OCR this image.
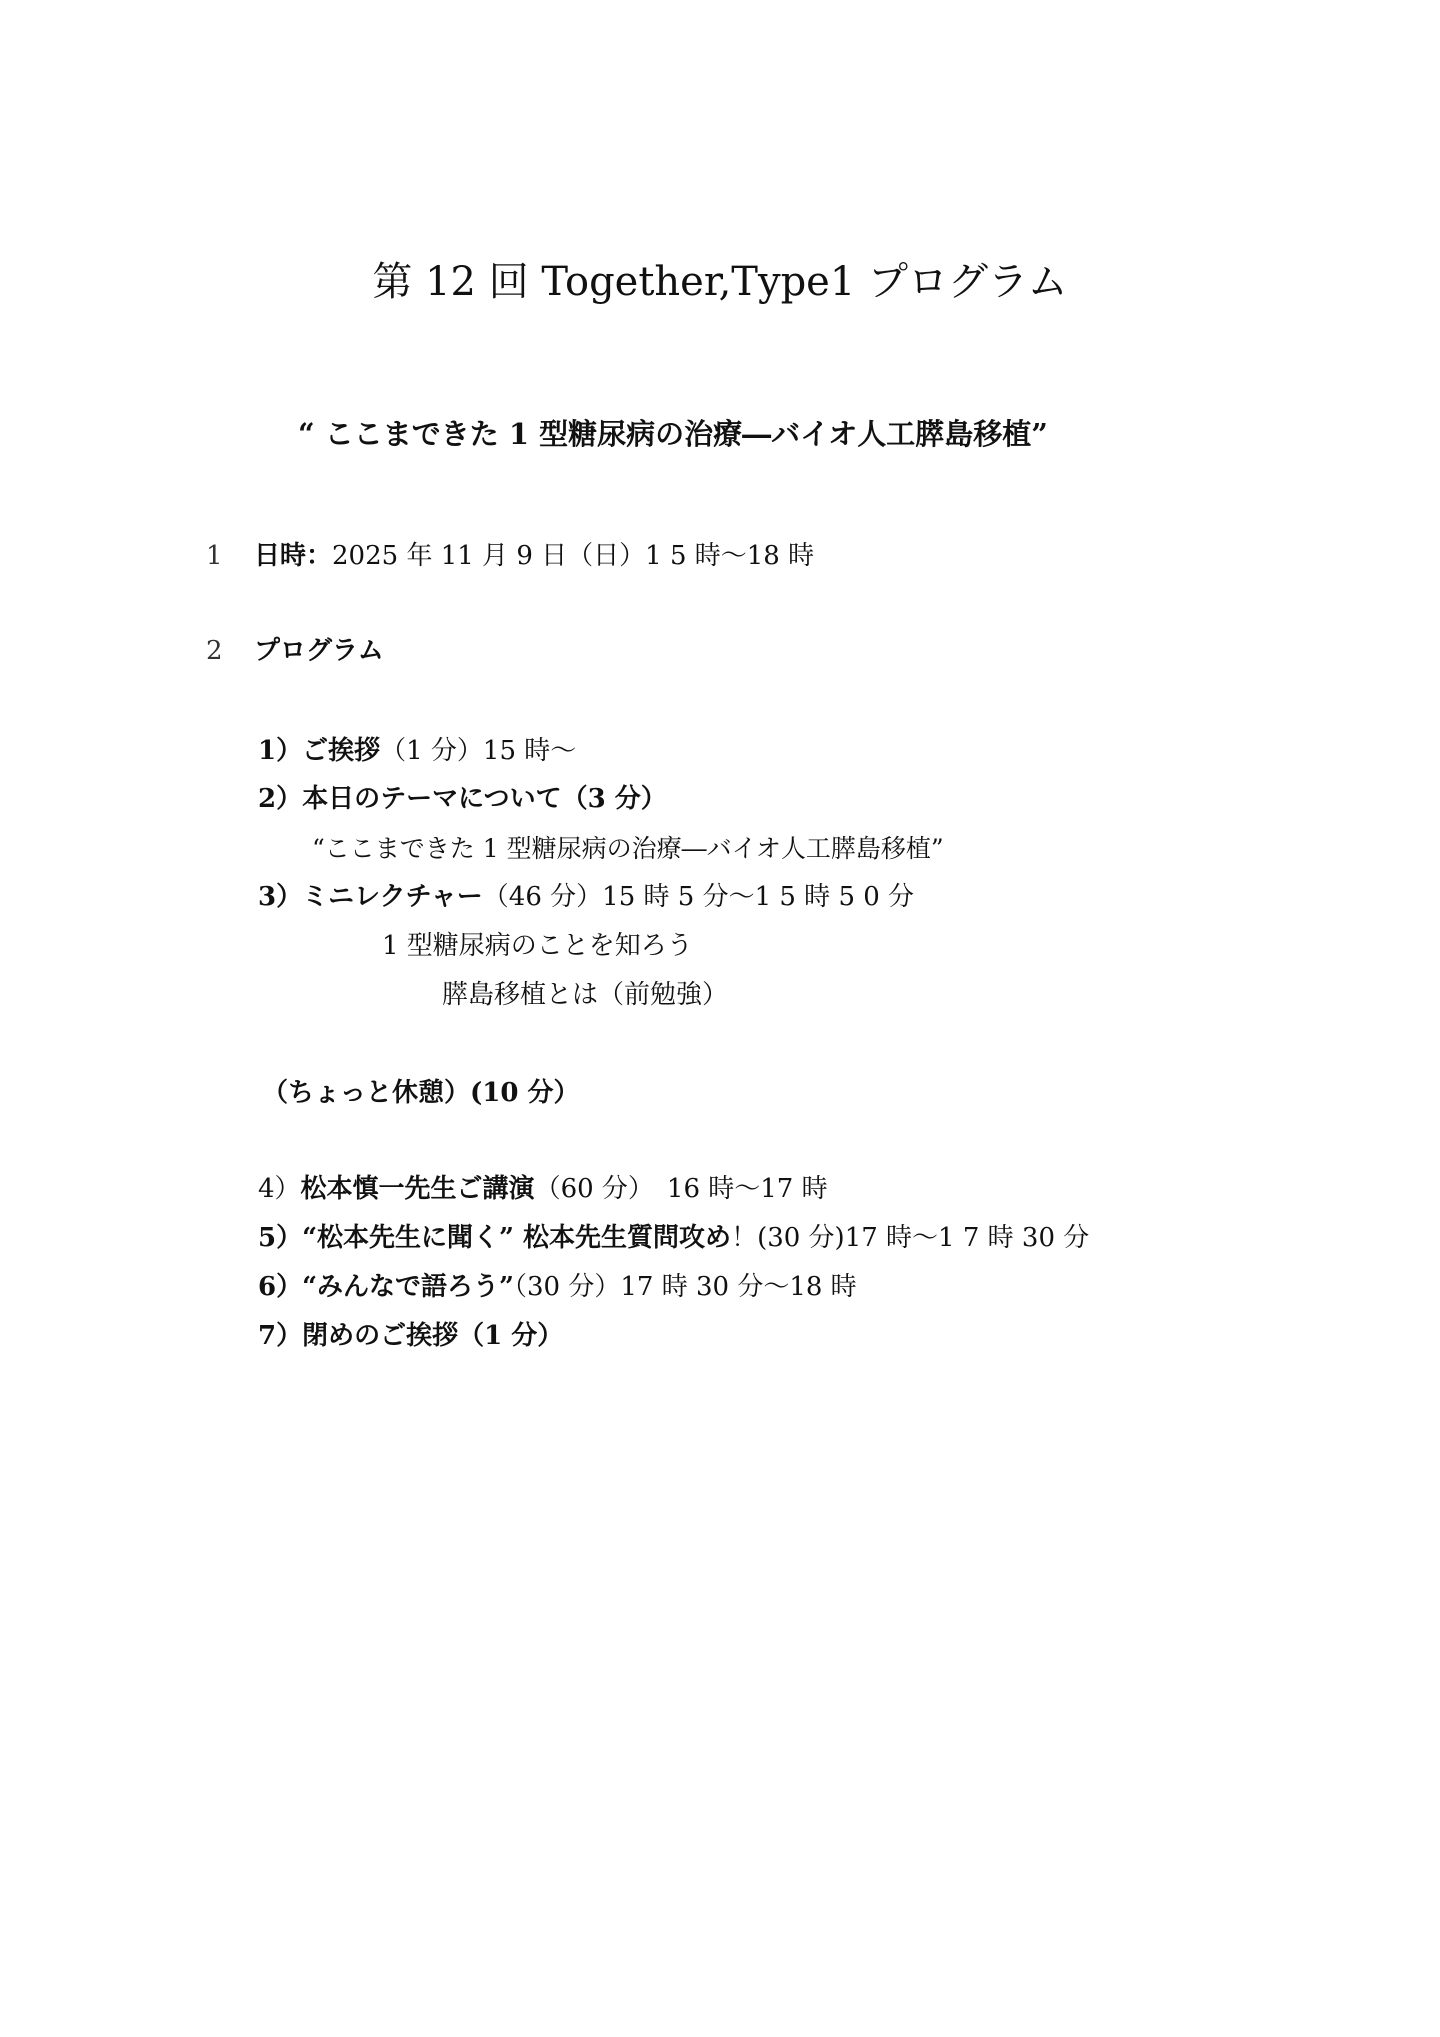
第 12 回 Together,Type1 プログラム
“ ここまできた 1 型糖尿病の治療―バイオ人工膵島移植”
1 日時：2025 年 11 月 9 日（日）1 5 時～18 時
2 プログラム
1）ご挨拶（1 分）15 時～
2）本日のテーマについて（3 分）
“ここまできた 1 型糖尿病の治療―バイオ人工膵島移植”
3）ミニレクチャー（46 分）15 時 5 分～1 5 時 5 0 分
1 型糖尿病のことを知ろう
膵島移植とは（前勉強）
（ちょっと休憩）(10 分）
4）松本慎一先生ご講演（60 分）　16 時～17 時
5）“松本先生に聞く” 松本先生質問攻め！(30 分)17 時～1 7 時 30 分
6）“みんなで語ろう”（30 分）17 時 30 分～18 時
7）閉めのご挨拶（1 分）
